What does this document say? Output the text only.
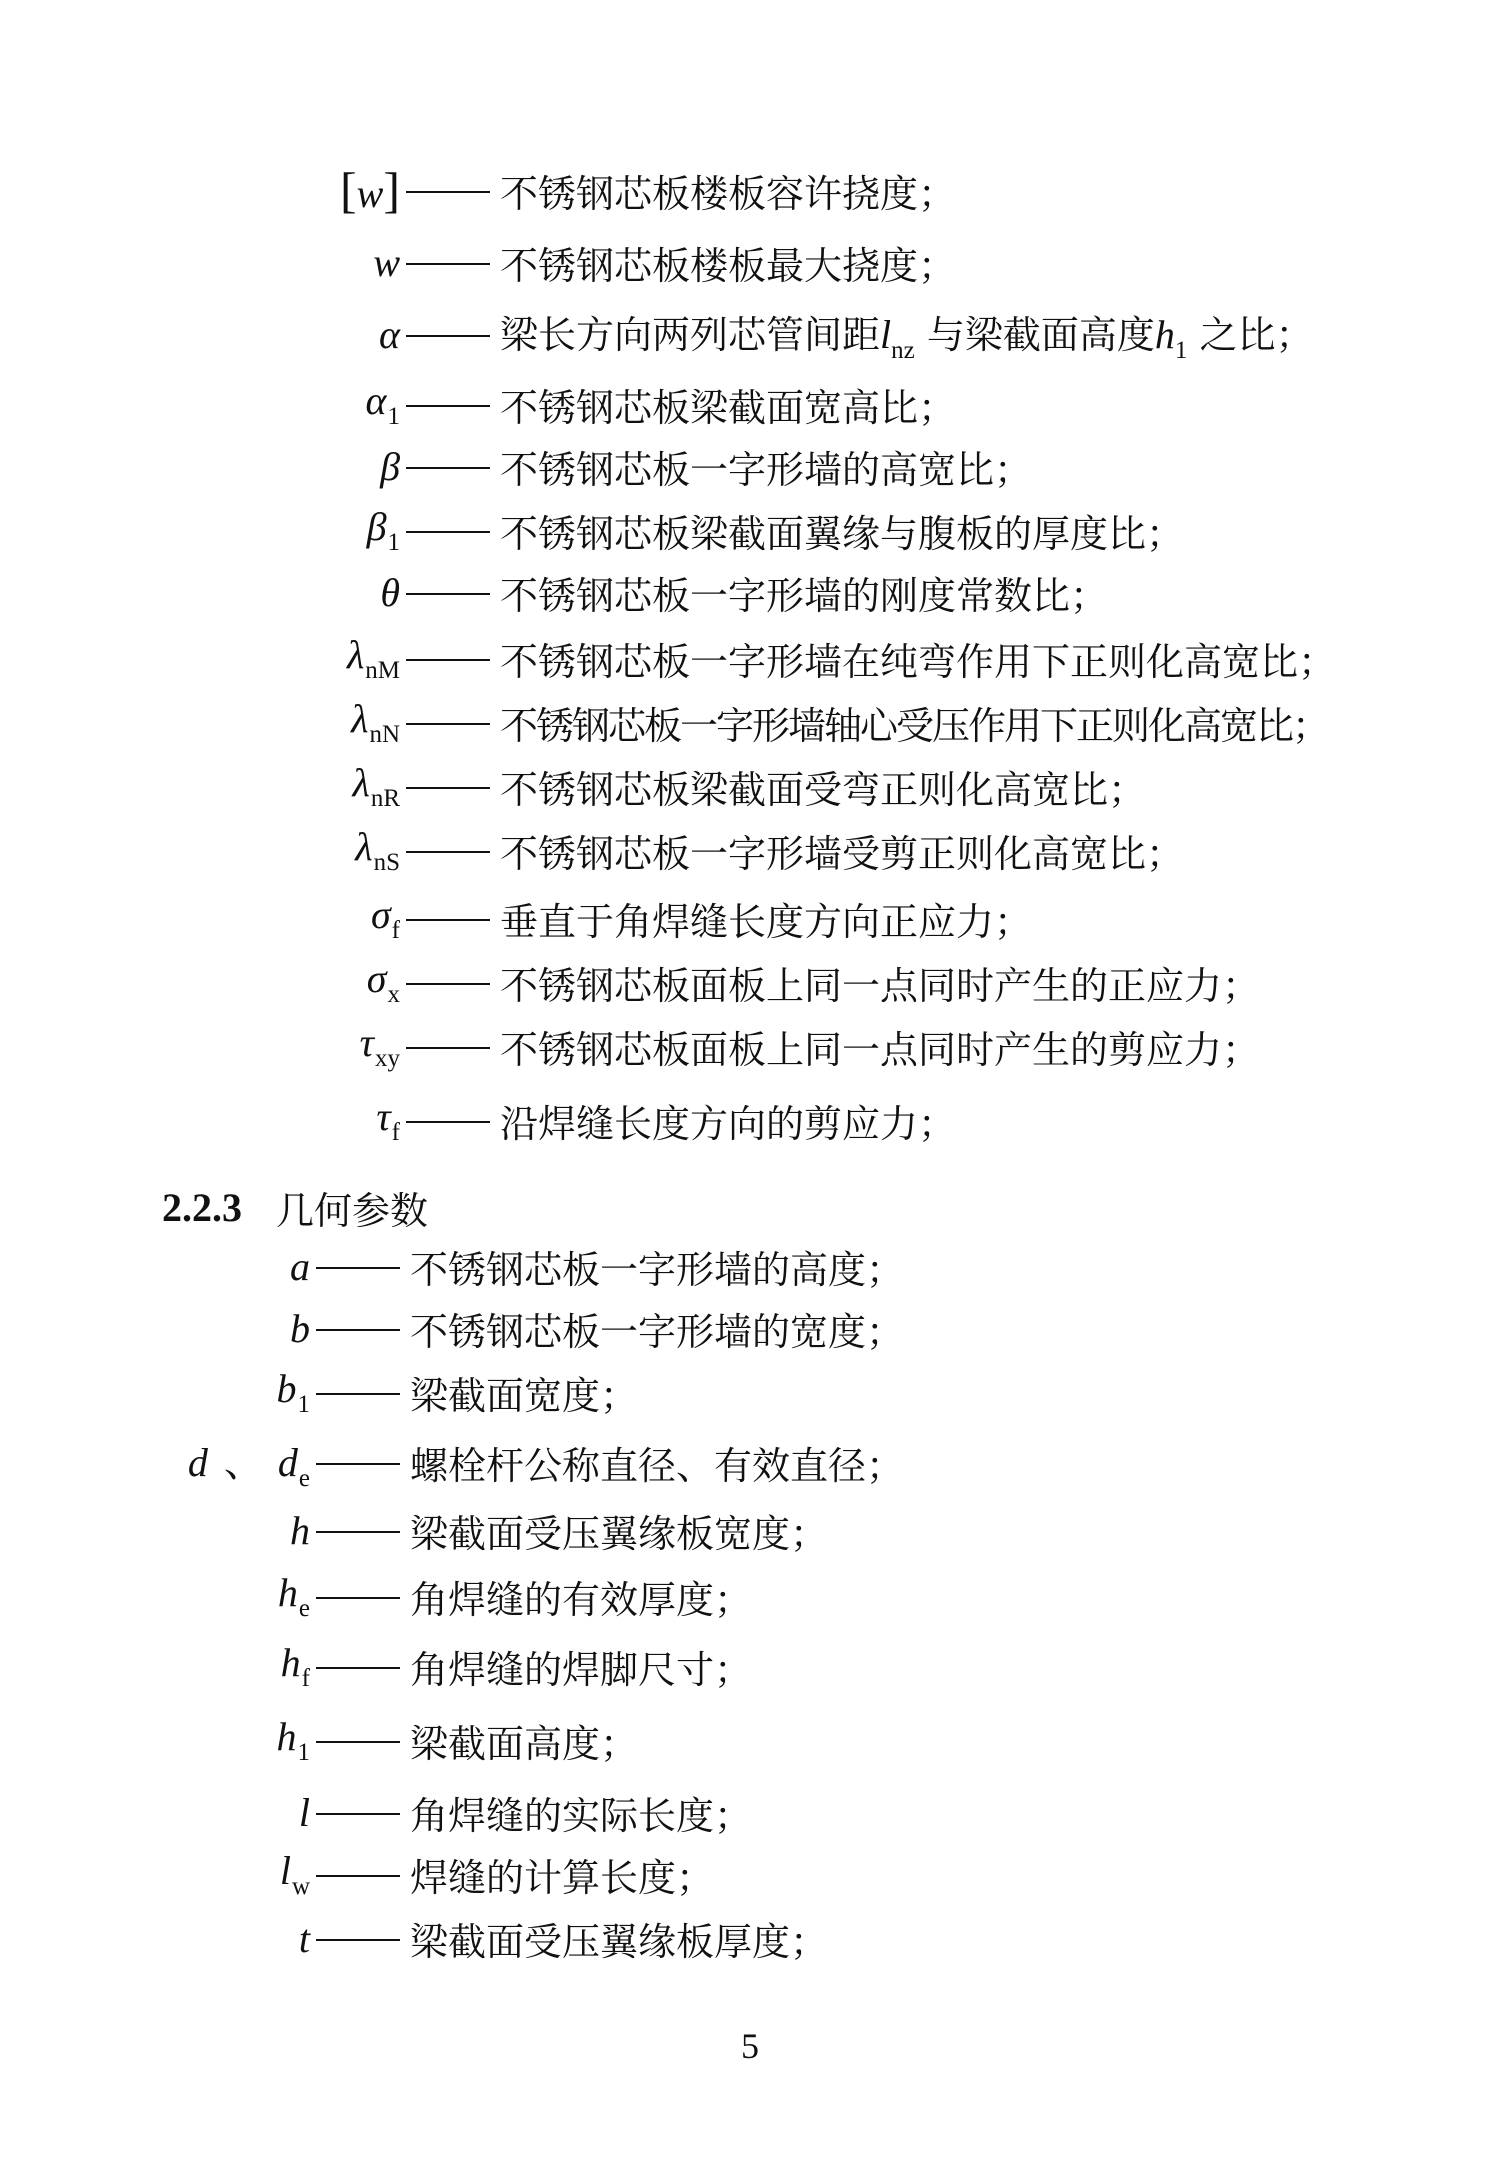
[w]	不锈钢芯板楼板容许挠度；
w	不锈钢芯板楼板最大挠度；
α	梁长方向两列芯管间距$l_{nz}$ 与梁截面高度$h_1$ 之比；
$\alpha_1$	不锈钢芯板梁截面宽高比；
β	不锈钢芯板一字形墙的高宽比；
$\beta_1$	不锈钢芯板梁截面翼缘与腹板的厚度比；
θ	不锈钢芯板一字形墙的刚度常数比；
$\lambda_{nM}$	不锈钢芯板一字形墙在纯弯作用下正则化高宽比；
$\lambda_{nN}$	不锈钢芯板一字形墙轴心受压作用下正则化高宽比；
$\lambda_{nR}$	不锈钢芯板梁截面受弯正则化高宽比；
$\lambda_{nS}$	不锈钢芯板一字形墙受剪正则化高宽比；
$\sigma_f$	垂直于角焊缝长度方向正应力；
$\sigma_x$	不锈钢芯板面板上同一点同时产生的正应力；
$\tau_{xy}$	不锈钢芯板面板上同一点同时产生的剪应力；
$\tau_f$	沿焊缝长度方向的剪应力；
2.2.3 几何参数
a	不锈钢芯板一字形墙的高度；
b	不锈钢芯板一字形墙的宽度；
$b_1$	梁截面宽度；
d 、 $d_e$	螺栓杆公称直径、有效直径；
h	梁截面受压翼缘板宽度；
$h_e$	角焊缝的有效厚度；
$h_f$	角焊缝的焊脚尺寸；
$h_1$	梁截面高度；
l	角焊缝的实际长度；
$l_w$	焊缝的计算长度；
t	梁截面受压翼缘板厚度；
5
